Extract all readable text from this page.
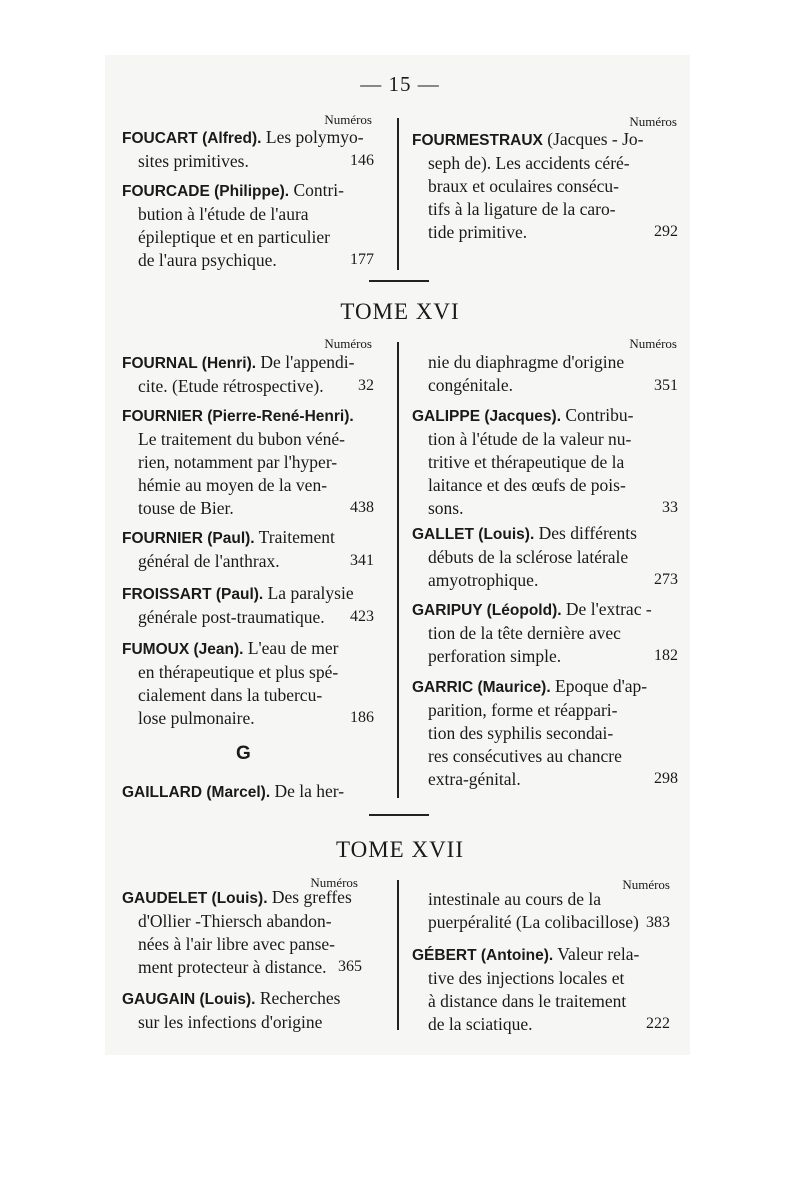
— 15 —
Numéros	Numéros
FOUCART (Alfred). Les polymyo-
sites primitives.	146
FOURCADE (Philippe). Contri-
bution à l'étude de l'aura
épileptique et en particulier
de l'aura psychique.	177
FOURMESTRAUX (Jacques - Jo-
seph de). Les accidents céré-
braux et oculaires consécu-
tifs à la ligature de la caro-
tide primitive.	292
TOME XVI
Numéros	Numéros
FOURNAL (Henri). De l'appendi-
cite. (Etude rétrospective).	32
FOURNIER (Pierre-René-Henri).
Le traitement du bubon véné-
rien, notamment par l'hyper-
hémie au moyen de la ven-
touse de Bier.	438
FOURNIER (Paul). Traitement
général de l'anthrax.	341
FROISSART (Paul). La paralysie
générale post-traumatique.	423
FUMOUX (Jean). L'eau de mer
en thérapeutique et plus spé-
cialement dans la tubercu-
lose pulmonaire.	186
G
GAILLARD (Marcel). De la her-
nie du diaphragme d'origine
congénitale.	351
GALIPPE (Jacques). Contribu-
tion à l'étude de la valeur nu-
tritive et thérapeutique de la
laitance et des œufs de pois-
sons.	33
GALLET (Louis). Des différents
débuts de la sclérose latérale
amyotrophique.	273
GARIPUY (Léopold). De l'extrac -
tion de la tête dernière avec
perforation simple.	182
GARRIC (Maurice). Epoque d'ap-
parition, forme et réappari-
tion des syphilis secondai-
res consécutives au chancre
extra-génital.	298
TOME XVII
Numéros	Numéros
GAUDELET (Louis). Des greffes
d'Ollier -Thiersch abandon-
nées à l'air libre avec panse-
ment protecteur à distance. 365
GAUGAIN (Louis). Recherches
sur les infections d'origine
intestinale au cours de la
puerpéralité (La colibacillose) 383
GÉBERT (Antoine). Valeur rela-
tive des injections locales et
à distance dans le traitement
de la sciatique.	222
